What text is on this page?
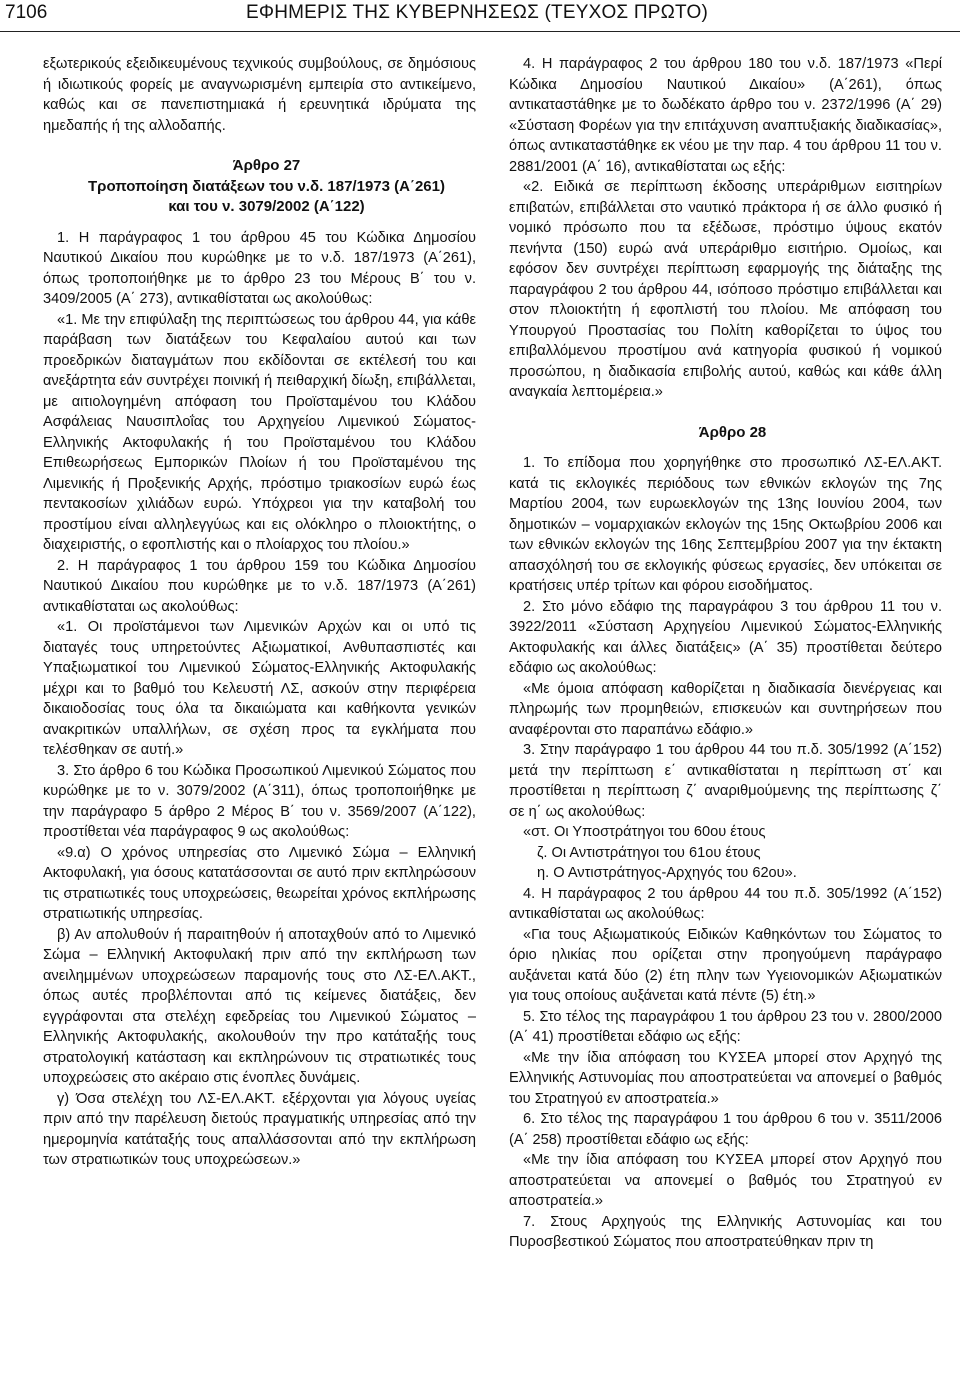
7106	ΕΦΗΜΕΡΙΣ ΤΗΣ ΚΥΒΕΡΝΗΣΕΩΣ (ΤΕΥΧΟΣ ΠΡΩΤΟ)

εξωτερικούς εξειδικευμένους τεχνικούς συμβούλους, σε δημόσιους ή ιδιωτικούς φορείς με αναγνωρισμένη εμπειρία στο αντικείμενο, καθώς και σε πανεπιστημιακά ή ερευνητικά ιδρύματα της ημεδαπής ή της αλλοδαπής.

Άρθρο 27

Τροποποίηση διατάξεων του ν.δ. 187/1973 (Α΄261)

και του ν. 3079/2002 (Α΄122)

1. Η παράγραφος 1 του άρθρου 45 του Κώδικα Δημοσίου Ναυτικού Δικαίου που κυρώθηκε με το ν.δ. 187/1973 (Α΄261), όπως τροποποιήθηκε με το άρθρο 23 του Μέρους Β΄ του ν. 3409/2005 (Α΄ 273), αντικαθίσταται ως ακολούθως:

«1. Με την επιφύλαξη της περιπτώσεως του άρθρου 44, για κάθε παράβαση των διατάξεων του Κεφαλαίου αυτού και των προεδρικών διαταγμάτων που εκδίδονται σε εκτέλεσή του και ανεξάρτητα εάν συντρέχει ποινική ή πειθαρχική δίωξη, επιβάλλεται, με αιτιολογημένη απόφαση του Προϊσταμένου του Κλάδου Ασφάλειας Ναυσιπλοΐας του Αρχηγείου Λιμενικού Σώματος-Ελληνικής Ακτοφυλακής ή του Προϊσταμένου του Κλάδου Επιθεωρήσεως Εμπορικών Πλοίων ή του Προϊσταμένου της Λιμενικής ή Προξενικής Αρχής, πρόστιμο τριακοσίων ευρώ έως πεντακοσίων χιλιάδων ευρώ. Υπόχρεοι για την καταβολή του προστίμου είναι αλληλεγγύως και εις ολόκληρο ο πλοιοκτήτης, ο διαχειριστής, ο εφοπλιστής και ο πλοίαρχος του πλοίου.»

2. Η παράγραφος 1 του άρθρου 159 του Κώδικα Δημοσίου Ναυτικού Δικαίου που κυρώθηκε με το ν.δ. 187/1973 (Α΄261) αντικαθίσταται ως ακολούθως:

«1. Οι προϊστάμενοι των Λιμενικών Αρχών και οι υπό τις διαταγές τους υπηρετούντες Αξιωματικοί, Ανθυπασπιστές και Υπαξιωματικοί του Λιμενικού Σώματος-Ελληνικής Ακτοφυλακής μέχρι και το βαθμό του Κελευστή ΛΣ, ασκούν στην περιφέρεια δικαιοδοσίας τους όλα τα δικαιώματα και καθήκοντα γενικών ανακριτικών υπαλλήλων, σε σχέση προς τα εγκλήματα που τελέσθηκαν σε αυτή.»

3. Στο άρθρο 6 του Κώδικα Προσωπικού Λιμενικού Σώματος που κυρώθηκε με το ν. 3079/2002 (Α΄311), όπως τροποποιήθηκε με την παράγραφο 5 άρθρο 2 Μέρος Β΄ του ν. 3569/2007 (Α΄122), προστίθεται νέα παράγραφος 9 ως ακολούθως:

«9.α) Ο χρόνος υπηρεσίας στο Λιμενικό Σώμα – Ελληνική Ακτοφυλακή, για όσους κατατάσσονται σε αυτό πριν εκπληρώσουν τις στρατιωτικές τους υποχρεώσεις, θεωρείται χρόνος εκπλήρωσης στρατιωτικής υπηρεσίας.

β) Αν απολυθούν ή παραιτηθούν ή αποταχθούν από το Λιμενικό Σώμα – Ελληνική Ακτοφυλακή πριν από την εκπλήρωση των ανειλημμένων υποχρεώσεων παραμονής τους στο ΛΣ-ΕΛ.ΑΚΤ., όπως αυτές προβλέπονται από τις κείμενες διατάξεις, δεν εγγράφονται στα στελέχη εφεδρείας του Λιμενικού Σώματος – Ελληνικής Ακτοφυλακής, ακολουθούν την προ κατάταξής τους στρατολογική κατάσταση και εκπληρώνουν τις στρατιωτικές τους υποχρεώσεις στο ακέραιο στις ένοπλες δυνάμεις.

γ) Όσα στελέχη του ΛΣ-ΕΛ.ΑΚΤ. εξέρχονται για λόγους υγείας πριν από την παρέλευση διετούς πραγματικής υπηρεσίας από την ημερομηνία κατάταξής τους απαλλάσσονται από την εκπλήρωση των στρατιωτικών τους υποχρεώσεων.»

4. Η παράγραφος 2 του άρθρου 180 του ν.δ. 187/1973 «Περί Κώδικα Δημοσίου Ναυτικού Δικαίου» (Α΄261), όπως αντικαταστάθηκε με το δωδέκατο άρθρο του ν. 2372/1996 (Α΄ 29) «Σύσταση Φορέων για την επιτάχυνση αναπτυξιακής διαδικασίας», όπως αντικαταστάθηκε εκ νέου με την παρ. 4 του άρθρου 11 του ν. 2881/2001 (Α΄ 16), αντικαθίσταται ως εξής:

«2. Ειδικά σε περίπτωση έκδοσης υπεράριθμων εισιτηρίων επιβατών, επιβάλλεται στο ναυτικό πράκτορα ή σε άλλο φυσικό ή νομικό πρόσωπο που τα εξέδωσε, πρόστιμο ύψους εκατόν πενήντα (150) ευρώ ανά υπεράριθμο εισιτήριο. Ομοίως, και εφόσον δεν συντρέχει περίπτωση εφαρμογής της διάταξης της παραγράφου 2 του άρθρου 44, ισόποσο πρόστιμο επιβάλλεται και στον πλοιοκτήτη ή εφοπλιστή του πλοίου. Με απόφαση του Υπουργού Προστασίας του Πολίτη καθορίζεται το ύψος του επιβαλλόμενου προστίμου ανά κατηγορία φυσικού ή νομικού προσώπου, η διαδικασία επιβολής αυτού, καθώς και κάθε άλλη αναγκαία λεπτομέρεια.»

Άρθρο 28

1. Το επίδομα που χορηγήθηκε στο προσωπικό ΛΣ-ΕΛ.ΑΚΤ. κατά τις εκλογικές περιόδους των εθνικών εκλογών της 7ης Μαρτίου 2004, των ευρωεκλογών της 13ης Ιουνίου 2004, των δημοτικών – νομαρχιακών εκλογών της 15ης Οκτωβρίου 2006 και των εθνικών εκλογών της 16ης Σεπτεμβρίου 2007 για την έκτακτη απασχόλησή του σε εκλογικής φύσεως εργασίες, δεν υπόκειται σε κρατήσεις υπέρ τρίτων και φόρου εισοδήματος.

2. Στο μόνο εδάφιο της παραγράφου 3 του άρθρου 11 του ν. 3922/2011 «Σύσταση Αρχηγείου Λιμενικού Σώματος-Ελληνικής Ακτοφυλακής και άλλες διατάξεις» (Α΄ 35) προστίθεται δεύτερο εδάφιο ως ακολούθως:

«Με όμοια απόφαση καθορίζεται η διαδικασία διενέργειας και πληρωμής των προμηθειών, επισκευών και συντηρήσεων που αναφέρονται στο παραπάνω εδάφιο.»

3. Στην παράγραφο 1 του άρθρου 44 του π.δ. 305/1992 (Α΄152) μετά την περίπτωση ε΄ αντικαθίσταται η περίπτωση στ΄ και προστίθεται η περίπτωση ζ΄ αναριθμούμενης της περίπτωσης ζ΄ σε η΄ ως ακολούθως:

«στ. Οι Υποστράτηγοι του 60ου έτους

ζ. Οι Αντιστράτηγοι του 61ου έτους

η. Ο Αντιστράτηγος-Αρχηγός του 62ου».

4. Η παράγραφος 2 του άρθρου 44 του π.δ. 305/1992 (Α΄152) αντικαθίσταται ως ακολούθως:

«Για τους Αξιωματικούς Ειδικών Καθηκόντων του Σώματος το όριο ηλικίας που ορίζεται στην προηγούμενη παράγραφο αυξάνεται κατά δύο (2) έτη πλην των Υγειονομικών Αξιωματικών για τους οποίους αυξάνεται κατά πέντε (5) έτη.»

5. Στο τέλος της παραγράφου 1 του άρθρου 23 του ν. 2800/2000 (Α΄ 41) προστίθεται εδάφιο ως εξής:

«Με την ίδια απόφαση του ΚΥΣΕΑ μπορεί στον Αρχηγό της Ελληνικής Αστυνομίας που αποστρατεύεται να απονεμεί ο βαθμός του Στρατηγού εν αποστρατεία.»

6. Στο τέλος της παραγράφου 1 του άρθρου 6 του ν. 3511/2006 (Α΄ 258) προστίθεται εδάφιο ως εξής:

«Με την ίδια απόφαση του ΚΥΣΕΑ μπορεί στον Αρχηγό που αποστρατεύεται να απονεμεί ο βαθμός του Στρατηγού εν αποστρατεία.»

7. Στους Αρχηγούς της Ελληνικής Αστυνομίας και του Πυροσβεστικού Σώματος που αποστρατεύθηκαν πριν τη
